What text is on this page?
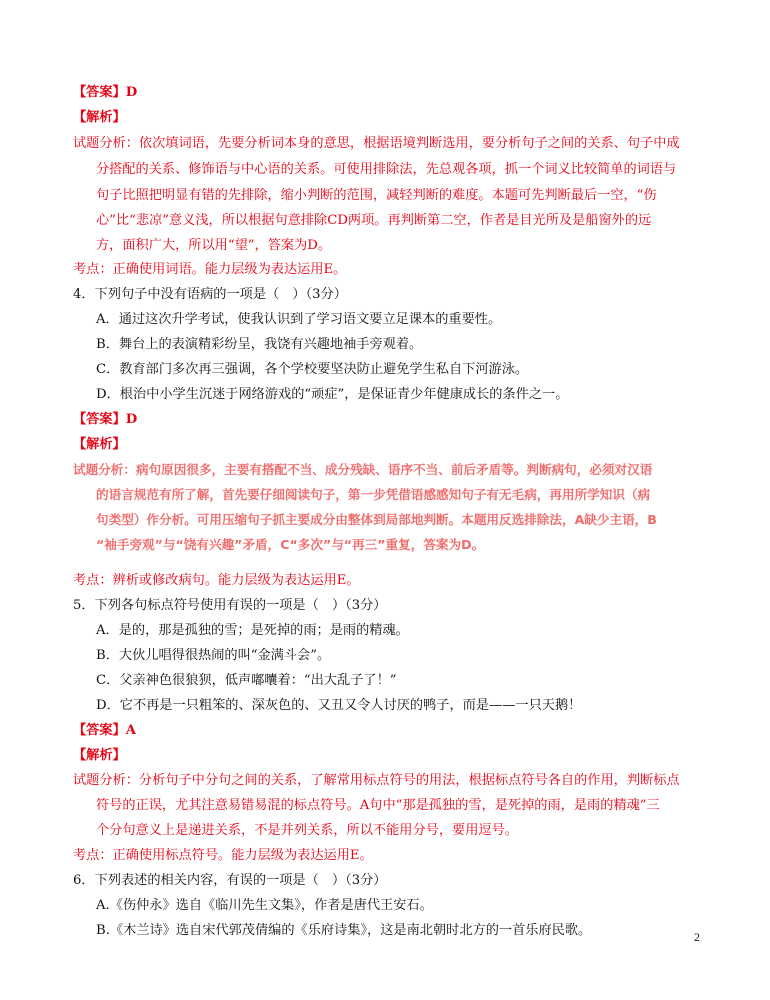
【答案】D
【解析】
试题分析：依次填词语，先要分析词本身的意思，根据语境判断选用，要分析句子之间的关系、句子中成
分搭配的关系、修饰语与中心语的关系。可使用排除法，先总观各项，抓一个词义比较简单的词语与
句子比照把明显有错的先排除，缩小判断的范围，减轻判断的难度。本题可先判断最后一空，“伤
心”比“悲凉”意义浅，所以根据句意排除CD两项。再判断第二空，作者是目光所及是船窗外的远
方，面积广大，所以用“望”，答案为D。
考点：正确使用词语。能力层级为表达运用E。
4．下列句子中没有语病的一项是（　）（3分）
A．通过这次升学考试，使我认识到了学习语文要立足课本的重要性。
B．舞台上的表演精彩纷呈，我饶有兴趣地袖手旁观着。
C．教育部门多次再三强调，各个学校要坚决防止避免学生私自下河游泳。
D．根治中小学生沉迷于网络游戏的“顽症”，是保证青少年健康成长的条件之一。
【答案】D
【解析】
试题分析：病句原因很多，主要有搭配不当、成分残缺、语序不当、前后矛盾等。判断病句，必须对汉语
的语言规范有所了解，首先要仔细阅读句子，第一步凭借语感感知句子有无毛病，再用所学知识（病
句类型）作分析。可用压缩句子抓主要成分由整体到局部地判断。本题用反选排除法，A缺少主语，B
“袖手旁观”与“饶有兴趣”矛盾，C“多次”与“再三”重复，答案为D。
考点：辨析或修改病句。能力层级为表达运用E。
5．下列各句标点符号使用有误的一项是（　）（3分）
A．是的，那是孤独的雪；是死掉的雨；是雨的精魂。
B．大伙儿唱得很热闹的叫“金满斗会”。
C．父亲神色很狼狈，低声嘟囔着：“出大乱子了！”
D．它不再是一只粗笨的、深灰色的、又丑又令人讨厌的鸭子，而是——一只天鹅！
【答案】A
【解析】
试题分析：分析句子中分句之间的关系，了解常用标点符号的用法，根据标点符号各自的作用，判断标点
符号的正误，尤其注意易错易混的标点符号。A句中“那是孤独的雪，是死掉的雨，是雨的精魂”三
个分句意义上是递进关系，不是并列关系，所以不能用分号，要用逗号。
考点：正确使用标点符号。能力层级为表达运用E。
6．下列表述的相关内容，有误的一项是（　）（3分）
A.《伤仲永》选自《临川先生文集》，作者是唐代王安石。
B.《木兰诗》选自宋代郭茂倩编的《乐府诗集》，这是南北朝时北方的一首乐府民歌。	2
